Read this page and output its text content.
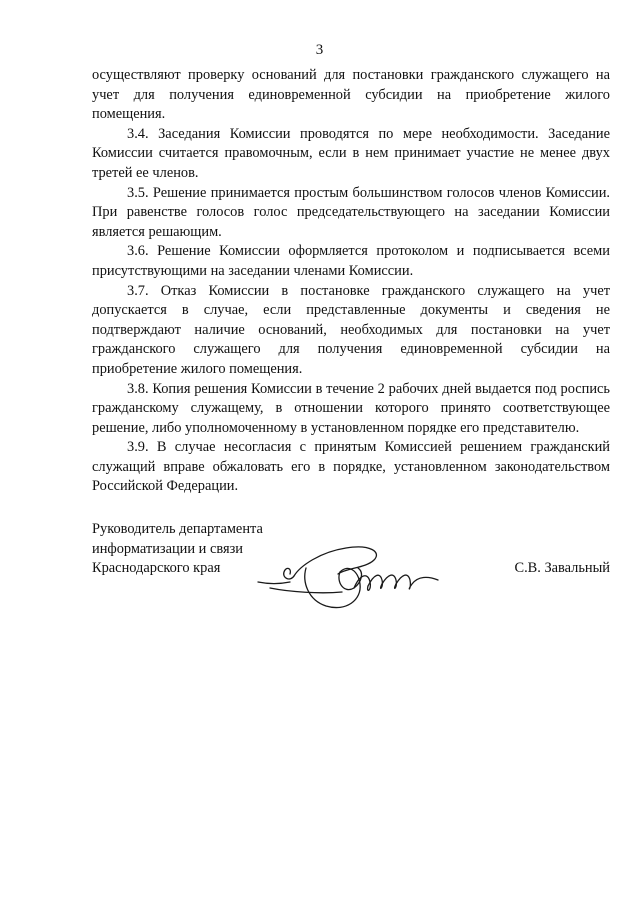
3

осуществляют проверку оснований для постановки гражданского служащего на учет для получения единовременной субсидии на приобретение жилого помещения.

3.4. Заседания Комиссии проводятся по мере необходимости. Заседание Комиссии считается правомочным, если в нем принимает участие не менее двух третей ее членов.

3.5. Решение принимается простым большинством голосов членов Комиссии. При равенстве голосов голос председательствующего на заседании Комиссии является решающим.

3.6. Решение Комиссии оформляется протоколом и подписывается всеми присутствующими на заседании членами Комиссии.

3.7. Отказ Комиссии в постановке гражданского служащего на учет допускается в случае, если представленные документы и сведения не подтверждают наличие оснований, необходимых для постановки на учет гражданского служащего для получения единовременной субсидии на приобретение жилого помещения.

3.8. Копия решения Комиссии в течение 2 рабочих дней выдается под роспись гражданскому служащему, в отношении которого принято соответствующее решение, либо уполномоченному в установленном порядке его представителю.

3.9. В случае несогласия с принятым Комиссией решением гражданский служащий вправе обжаловать его в порядке, установленном законодательством Российской Федерации.

Руководитель департамента

информатизации и связи

Краснодарского края	С.В. Завальный
